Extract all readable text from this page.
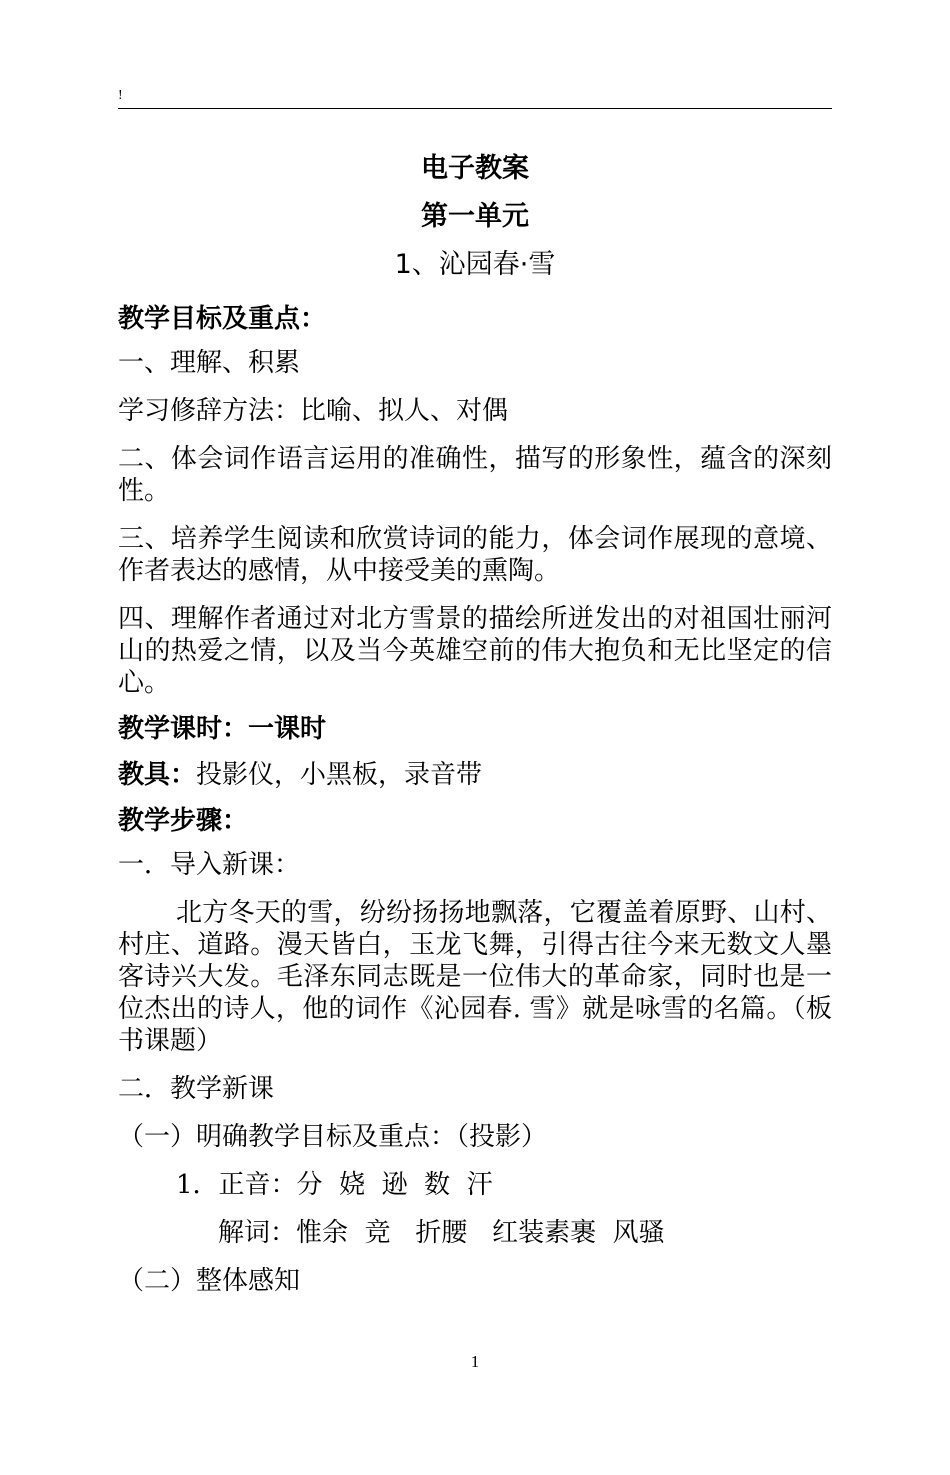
!
电子教案
第一单元
1、沁园春·雪
教学目标及重点：
一、理解、积累
学习修辞方法：比喻、拟人、对偶
二、体会词作语言运用的准确性，描写的形象性，蕴含的深刻性。
三、培养学生阅读和欣赏诗词的能力，体会词作展现的意境、作者表达的感情，从中接受美的熏陶。
四、理解作者通过对北方雪景的描绘所迸发出的对祖国壮丽河山的热爱之情，以及当今英雄空前的伟大抱负和无比坚定的信心。
教学课时：一课时
教具：投影仪，小黑板，录音带
教学步骤：
一．导入新课：
北方冬天的雪，纷纷扬扬地飘落，它覆盖着原野、山村、村庄、道路。漫天皆白，玉龙飞舞，引得古往今来无数文人墨客诗兴大发。毛泽东同志既是一位伟大的革命家，同时也是一位杰出的诗人，他的词作《沁园春. 雪》就是咏雪的名篇。（板书课题）
二．教学新课
（一）明确教学目标及重点：（投影）
1．正音：分  娆  逊  数  汗
解词：惟余  竞   折腰   红装素裹  风骚
（二）整体感知
1
